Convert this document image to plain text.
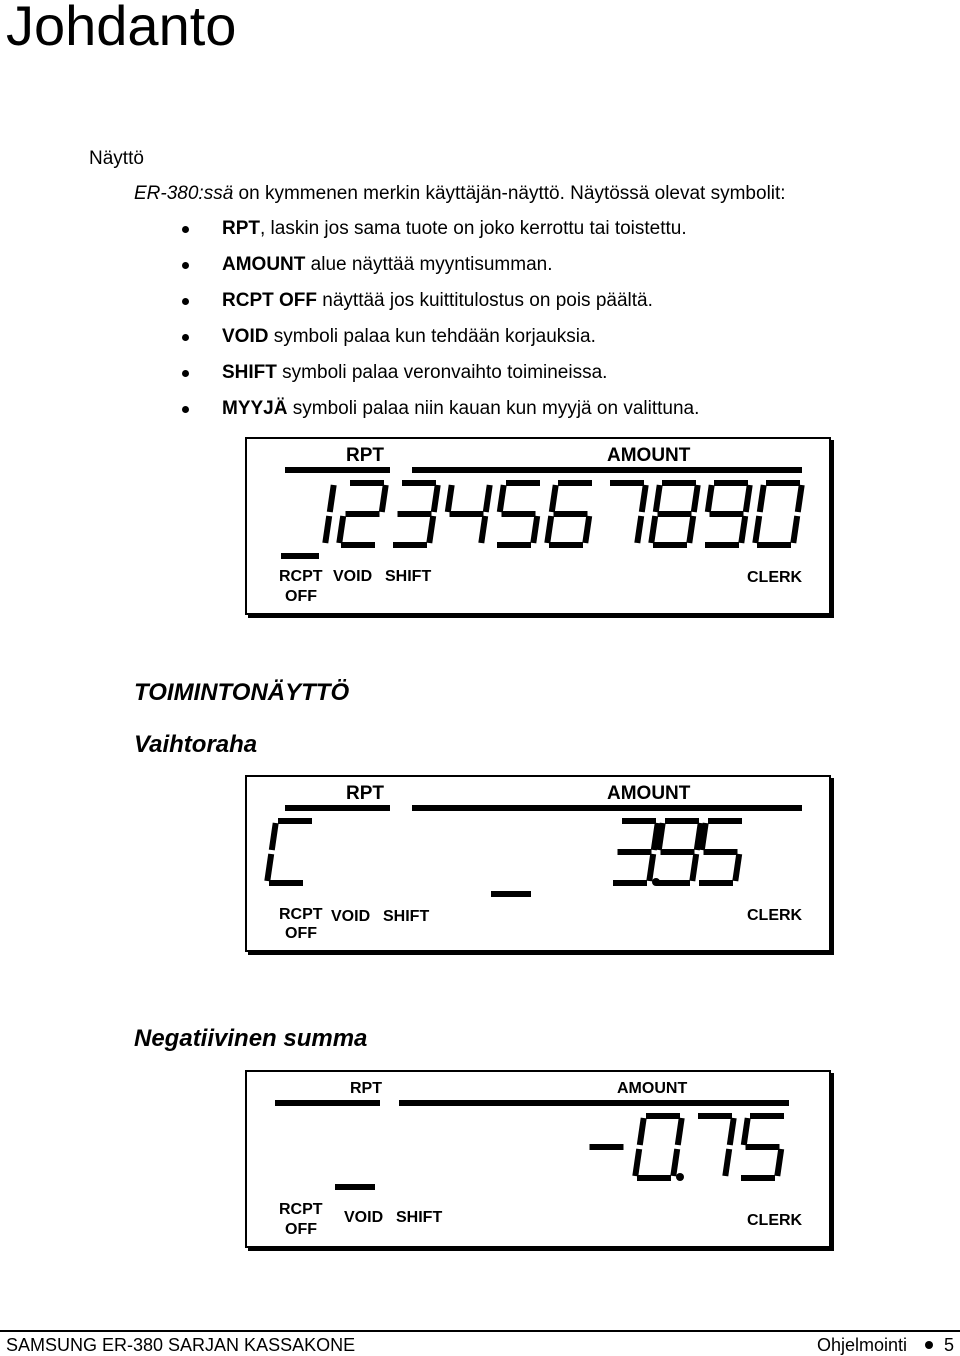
Johdanto
Näyttö
ER-380:ssä on kymmenen merkin käyttäjän-näyttö. Näytössä olevat symbolit:
RPT, laskin jos sama tuote on joko kerrottu tai toistettu.
AMOUNT alue näyttää myyntisumman.
RCPT OFF näyttää jos kuittitulostus on pois päältä.
VOID symboli palaa kun tehdään korjauksia.
SHIFT symboli palaa veronvaihto toimineissa.
MYYJÄ symboli palaa niin kauan kun myyjä on valittuna.
RPT	AMOUNT
RCPT
OFF
VOID SHIFT	CLERK
TOIMINTONÄYTTÖ
Vaihtoraha
RPT	AMOUNT
RCPT
OFF
VOID SHIFT	CLERK
Negatiivinen summa
RPT	AMOUNT
RCPT
OFF
VOID SHIFT	CLERK
SAMSUNG ER-380 SARJAN KASSAKONE	Ohjelmointi 5
